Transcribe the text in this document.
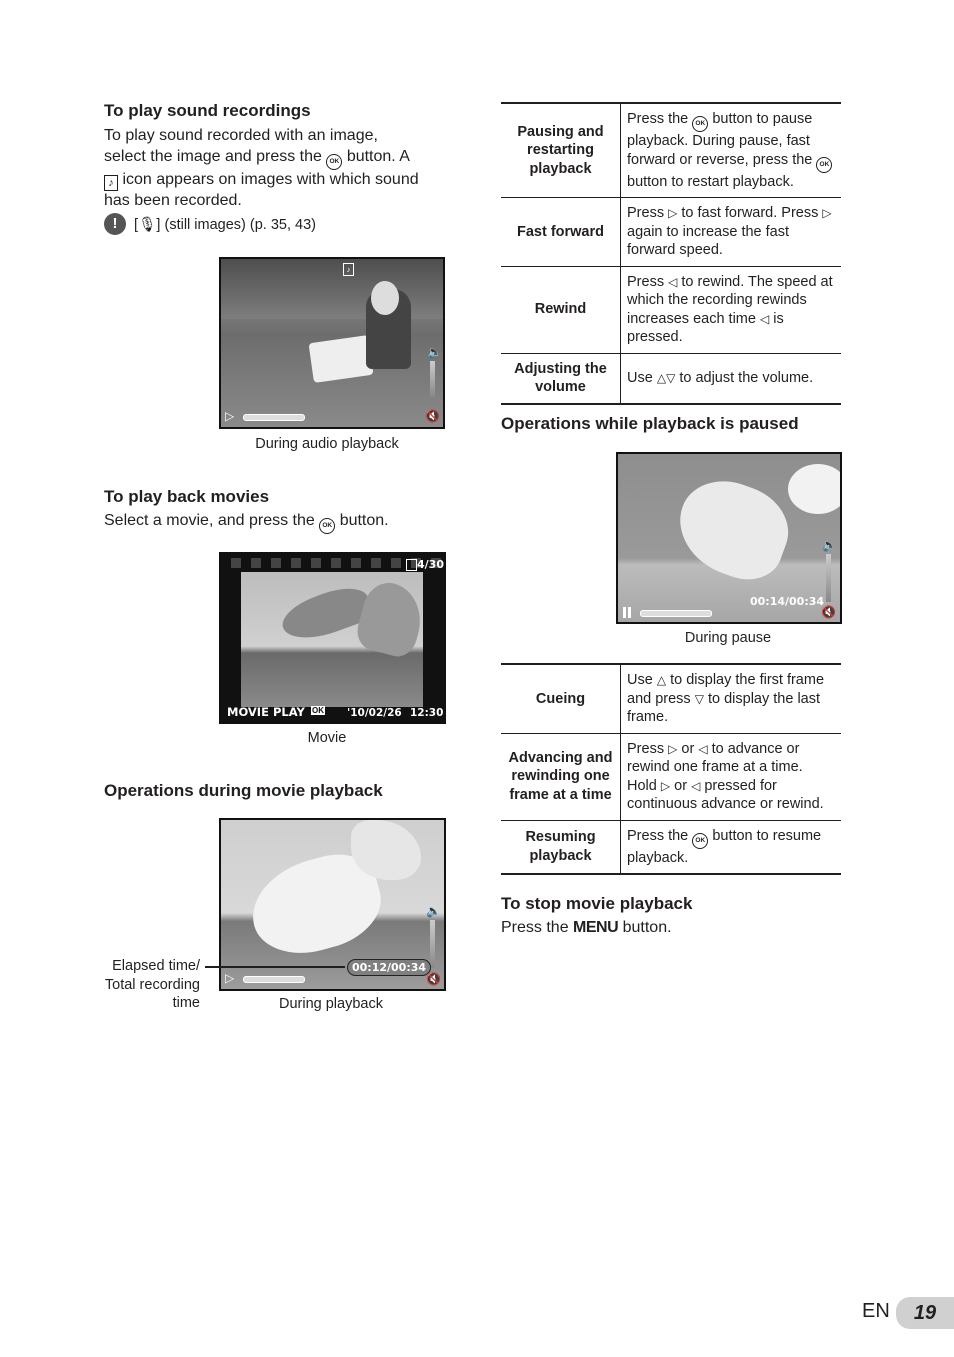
To play sound recordings
To play sound recorded with an image,
select the image and press the OK button. A
♪ icon appears on images with which sound
has been recorded.
!	[🎙] (still images) (p. 35, 43)
♪
🔈
▷	🔇
During audio playback
To play back movies
Select a movie, and press the OK button.
4/30
MOVIE PLAY OK '10/02/26 12:30
Movie
Operations during movie playback
🔈
▷
00:12/00:34
🔇
Elapsed time/
Total recording
time	During playback
Pausing and restarting playback	Press the OK button to pause playback. During pause, fast forward or reverse, press the OK button to restart playback.
Fast forward	Press ▷ to fast forward. Press ▷ again to increase the fast forward speed.
Rewind	Press ◁ to rewind. The speed at which the recording rewinds increases each time ◁ is pressed.
Adjusting the volume	Use △▽ to adjust the volume.
Operations while playback is paused
🔈
00:14/00:34
🔇
During pause
Cueing	Use △ to display the first frame and press ▽ to display the last frame.
Advancing and rewinding one frame at a time	Press ▷ or ◁ to advance or rewind one frame at a time. Hold ▷ or ◁ pressed for continuous advance or rewind.
Resuming playback	Press the OK button to resume playback.
To stop movie playback
Press the MENU button.
EN	19
